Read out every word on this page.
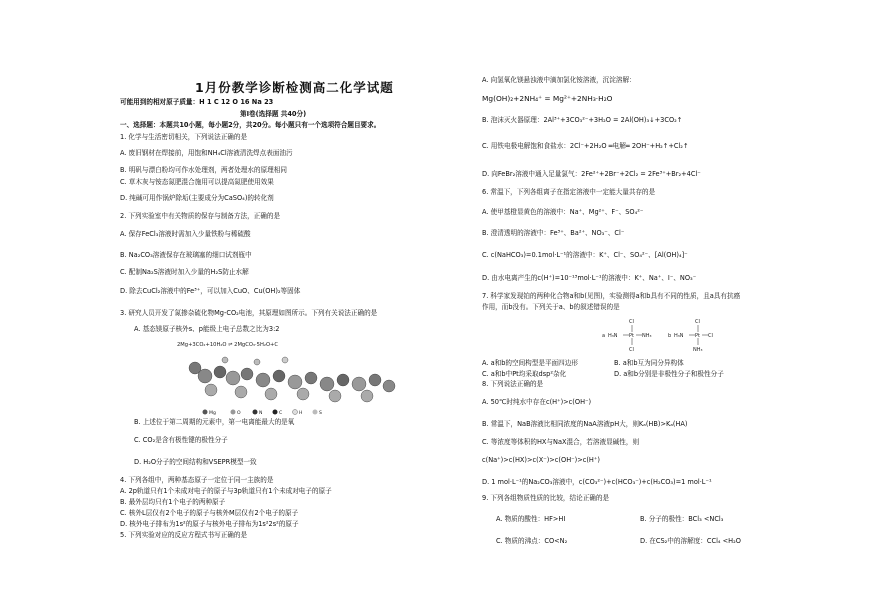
1月份教学诊断检测高二化学试题
可能用到的相对原子质量：H 1 C 12 O 16 Na 23
第Ⅰ卷(选择题 共40分)
一、选择题：本题共10小题，每小题2分，共20分。每小题只有一个选项符合题目要求。
1. 化学与生活密切相关，下列说法正确的是
A. 废旧钢材在焊接前，用饱和NH₄Cl溶液清洗焊点表面油污
B. 明矾与漂白粉均可作水处理剂，两者处理水的原理相同
C. 草木灰与铵态氮肥混合施用可以提高氮肥使用效果
D. 纯碱可用作锅炉除垢(主要成分为CaSO₄)的转化剂
2. 下列实验室中有关物质的保存与制备方法，正确的是
A. 保存FeCl₃溶液时需加入少量铁粉与稀硫酸
B. Na₂CO₃溶液保存在玻璃塞的细口试剂瓶中
C. 配制Na₂S溶液时加入少量的H₂S防止水解
D. 除去CuCl₂溶液中的Fe³⁺，可以加入CuO、Cu(OH)₂等固体
3. 研究人员开发了氮掺杂硫化物Mg-CO₂电池，其原理如图所示。下列有关说法正确的是
A. 基态镁原子核外s、p能级上电子总数之比为3:2
2Mg+3CO₂+10H₂O ⇌ 2MgCO₃·5H₂O+C
Mg	O	N	C	H	S
B. 上述位于第二周期的元素中，第一电离能最大的是氧
C. CO₂是含有极性键的极性分子
D. H₂O分子的空间结构和VSEPR模型一致
4. 下列各组中，两种基态原子一定位于同一主族的是
A. 2p轨道只有1个未成对电子的原子与3p轨道只有1个未成对电子的原子
B. 最外层均只有1个电子的两种原子
C. 核外L层仅有2个电子的原子与核外M层仅有2个电子的原子
D. 核外电子排布为1s²的原子与核外电子排布为1s²2s²的原子
5. 下列实验对应的反应方程式书写正确的是
A. 向氢氧化镁悬浊液中滴加氯化铵溶液，沉淀溶解：
Mg(OH)₂+2NH₄⁺ = Mg²⁺+2NH₃·H₂O
B. 泡沫灭火器原理：2Al³⁺+3CO₃²⁻+3H₂O = 2Al(OH)₃↓+3CO₂↑
C. 用铁电极电解饱和食盐水：2Cl⁻+2H₂O ═电解═ 2OH⁻+H₂↑+Cl₂↑
D. 向FeBr₂溶液中通入足量氯气：2Fe²⁺+2Br⁻+2Cl₂ = 2Fe³⁺+Br₂+4Cl⁻
6. 常温下，下列各组离子在指定溶液中一定能大量共存的是
A. 使甲基橙显黄色的溶液中：Na⁺、Mg²⁺、F⁻、SO₄²⁻
B. 澄清透明的溶液中：Fe³⁺、Ba²⁺、NO₃⁻、Cl⁻
C. c(NaHCO₃)=0.1mol·L⁻¹的溶液中：K⁺、Cl⁻、SO₄²⁻、[Al(OH)₄]⁻
D. 由水电离产生的c(H⁺)=10⁻¹³mol·L⁻¹的溶液中：K⁺、Na⁺、I⁻、NO₃⁻
7. 科学家发现铂的两种化合物a和b(见图)，实验测得a和b具有不同的性质，且a具有抗癌
作用，而b没有。下列关于a、b的叙述错误的是
a H₃N Pt NH₃
Cl
Cl
b H₃N Pt Cl
Cl
NH₃
A. a和b的空间构型是平面四边形	B. a和b互为同分异构体
C. a和b中Pt均采取dsp²杂化	D. a和b分别是非极性分子和极性分子
8. 下列说法正确的是
A. 50℃时纯水中存在c(H⁺)>c(OH⁻)
B. 常温下，NaB溶液比相同浓度的NaA溶液pH大，则Kₐ(HB)>Kₐ(HA)
C. 等浓度等体积的HX与NaX混合，若溶液显碱性，则
c(Na⁺)>c(HX)>c(X⁻)>c(OH⁻)>c(H⁺)
D. 1 mol·L⁻¹的Na₂CO₃溶液中，c(CO₃²⁻)+c(HCO₃⁻)+c(H₂CO₃)=1 mol·L⁻¹
9. 下列各组物质性质的比较，结论正确的是
A. 物质的酸性：HF>HI	B. 分子的极性：BCl₃ <NCl₃
C. 物质的沸点：CO<N₂	D. 在CS₂中的溶解度：CCl₄ <H₂O
